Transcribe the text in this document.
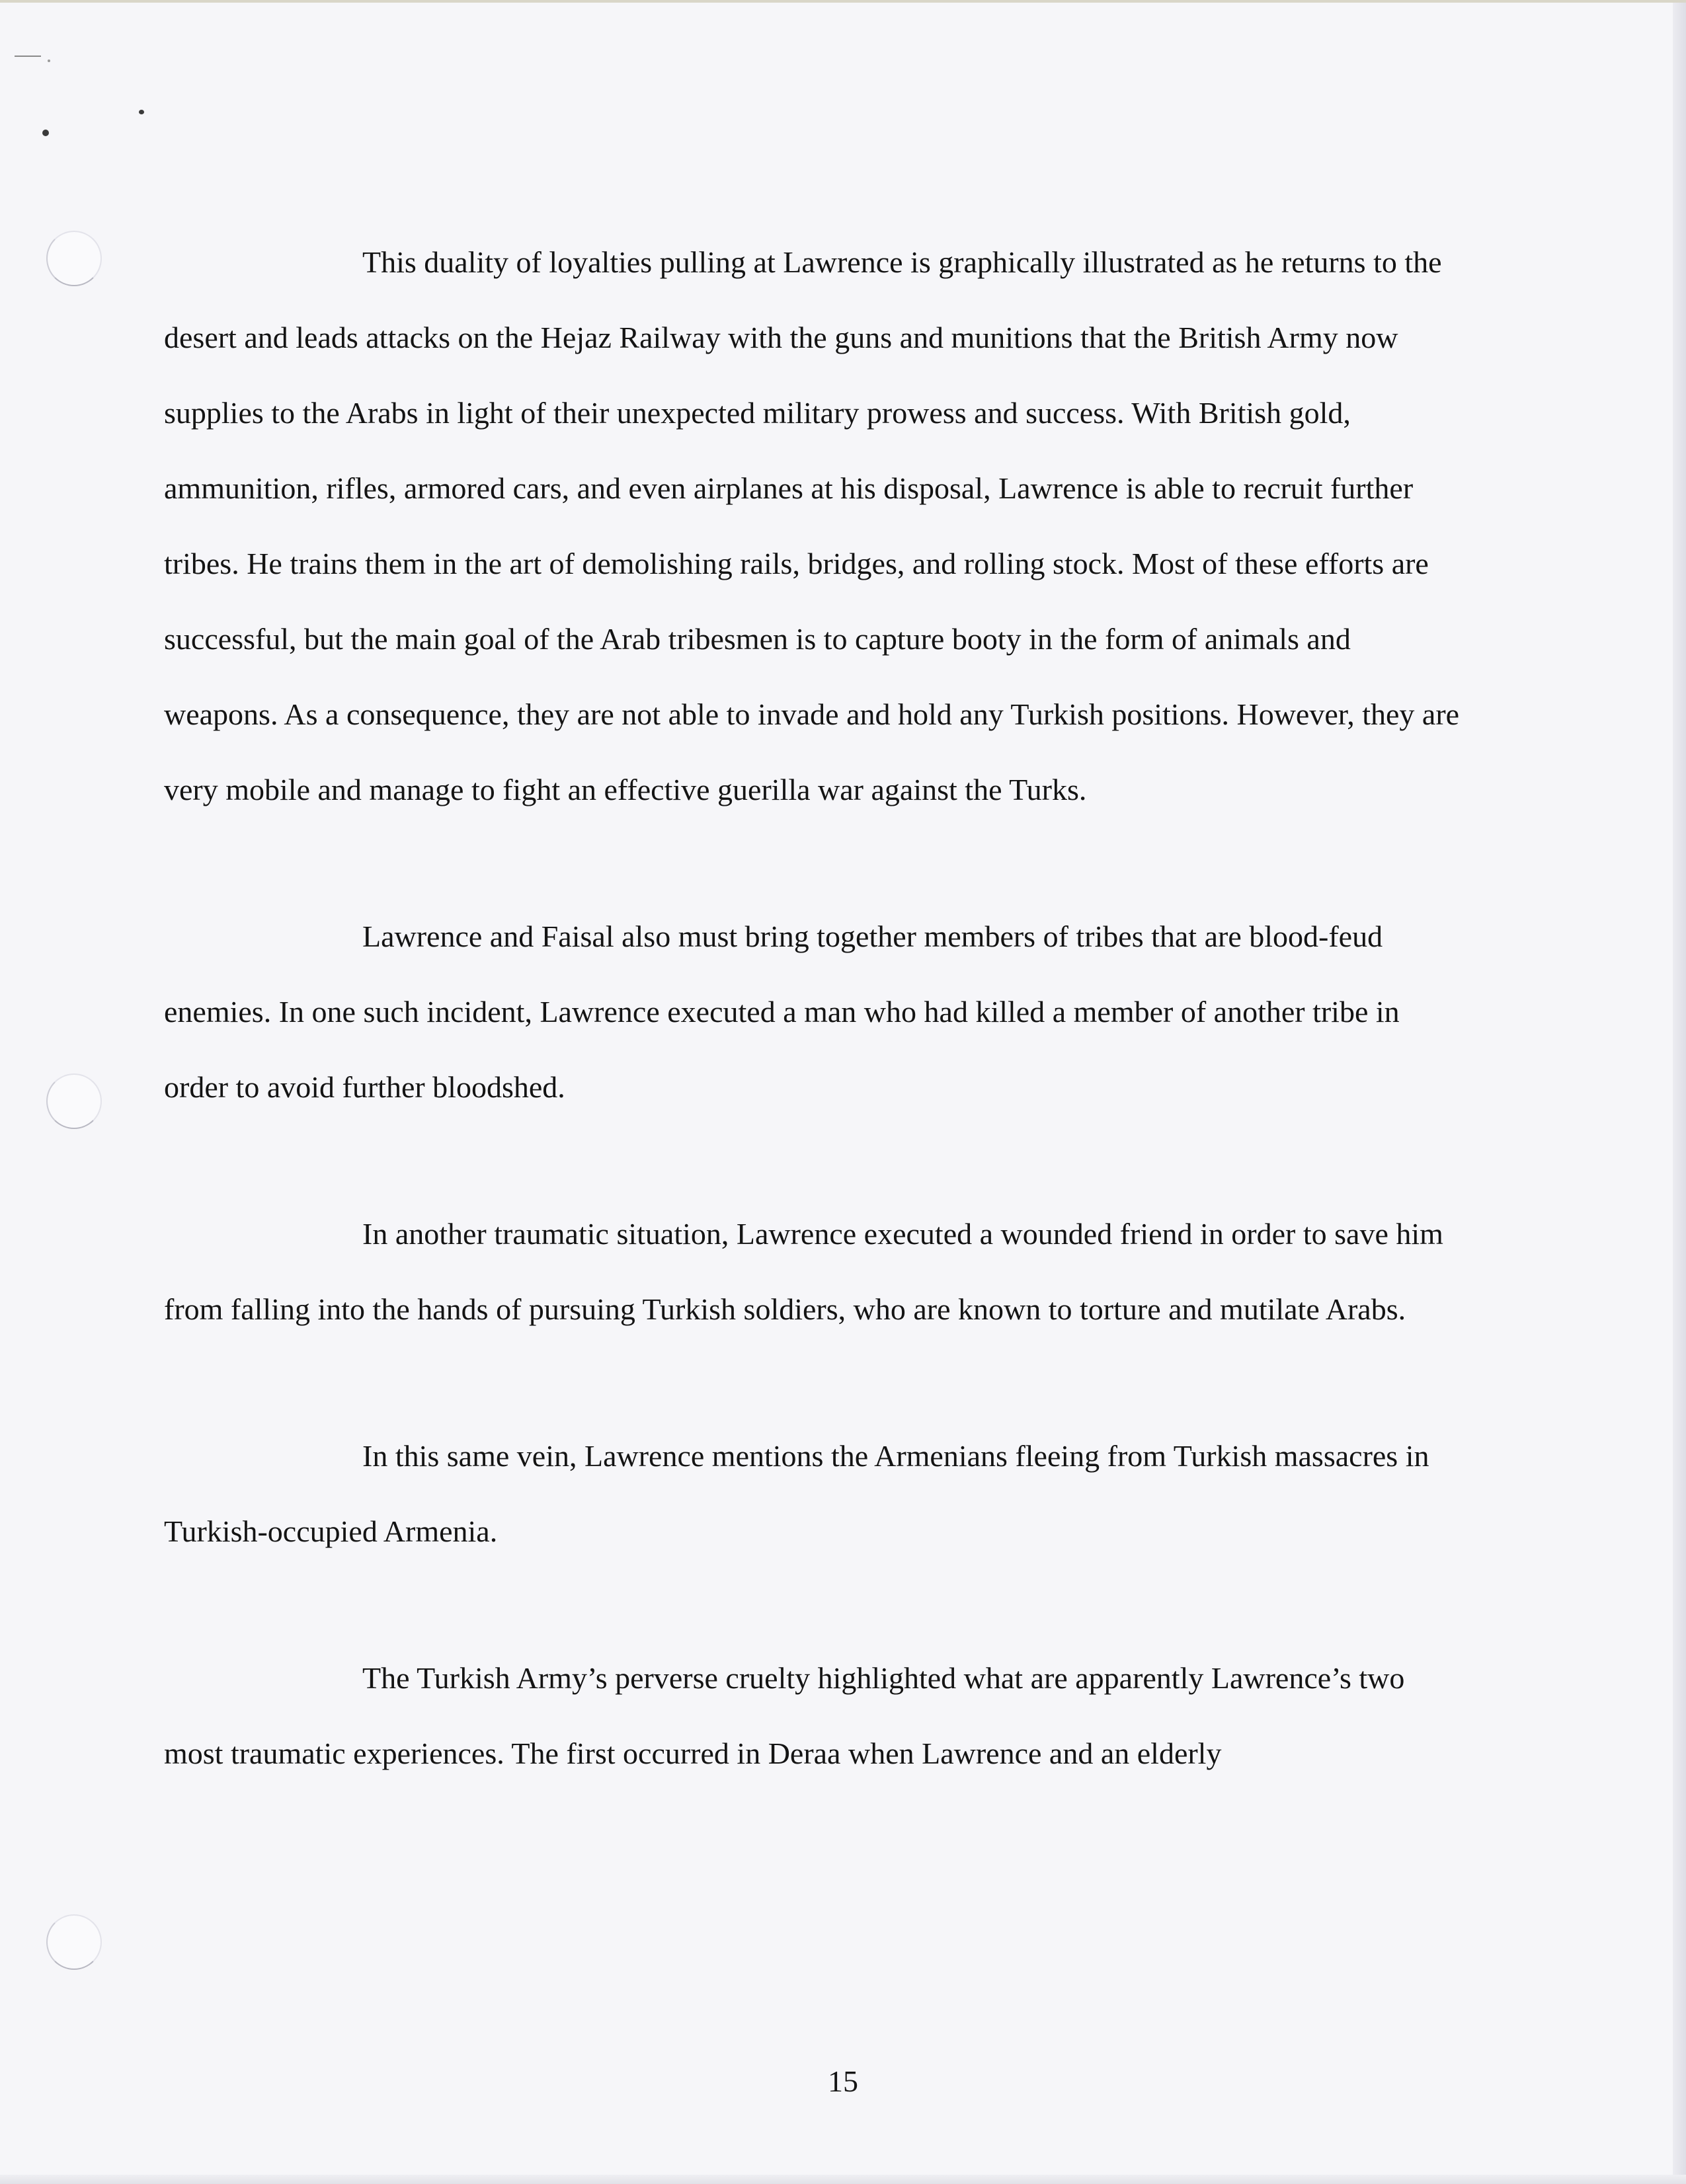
This duality of loyalties pulling at Lawrence is graphically illustrated as he returns to the desert and leads attacks on the Hejaz Railway with the guns and munitions that the British Army now supplies to the Arabs in light of their unexpected military prowess and success. With British gold, ammunition, rifles, armored cars, and even airplanes at his disposal, Lawrence is able to recruit further tribes. He trains them in the art of demolishing rails, bridges, and rolling stock. Most of these efforts are successful, but the main goal of the Arab tribesmen is to capture booty in the form of animals and weapons. As a consequence, they are not able to invade and hold any Turkish positions. However, they are very mobile and manage to fight an effective guerilla war against the Turks.

Lawrence and Faisal also must bring together members of tribes that are blood-feud enemies. In one such incident, Lawrence executed a man who had killed a member of another tribe in order to avoid further bloodshed.

In another traumatic situation, Lawrence executed a wounded friend in order to save him from falling into the hands of pursuing Turkish soldiers, who are known to torture and mutilate Arabs.

In this same vein, Lawrence mentions the Armenians fleeing from Turkish massacres in Turkish-occupied Armenia.

The Turkish Army’s perverse cruelty highlighted what are apparently Lawrence’s two most traumatic experiences. The first occurred in Deraa when Lawrence and an elderly

15
